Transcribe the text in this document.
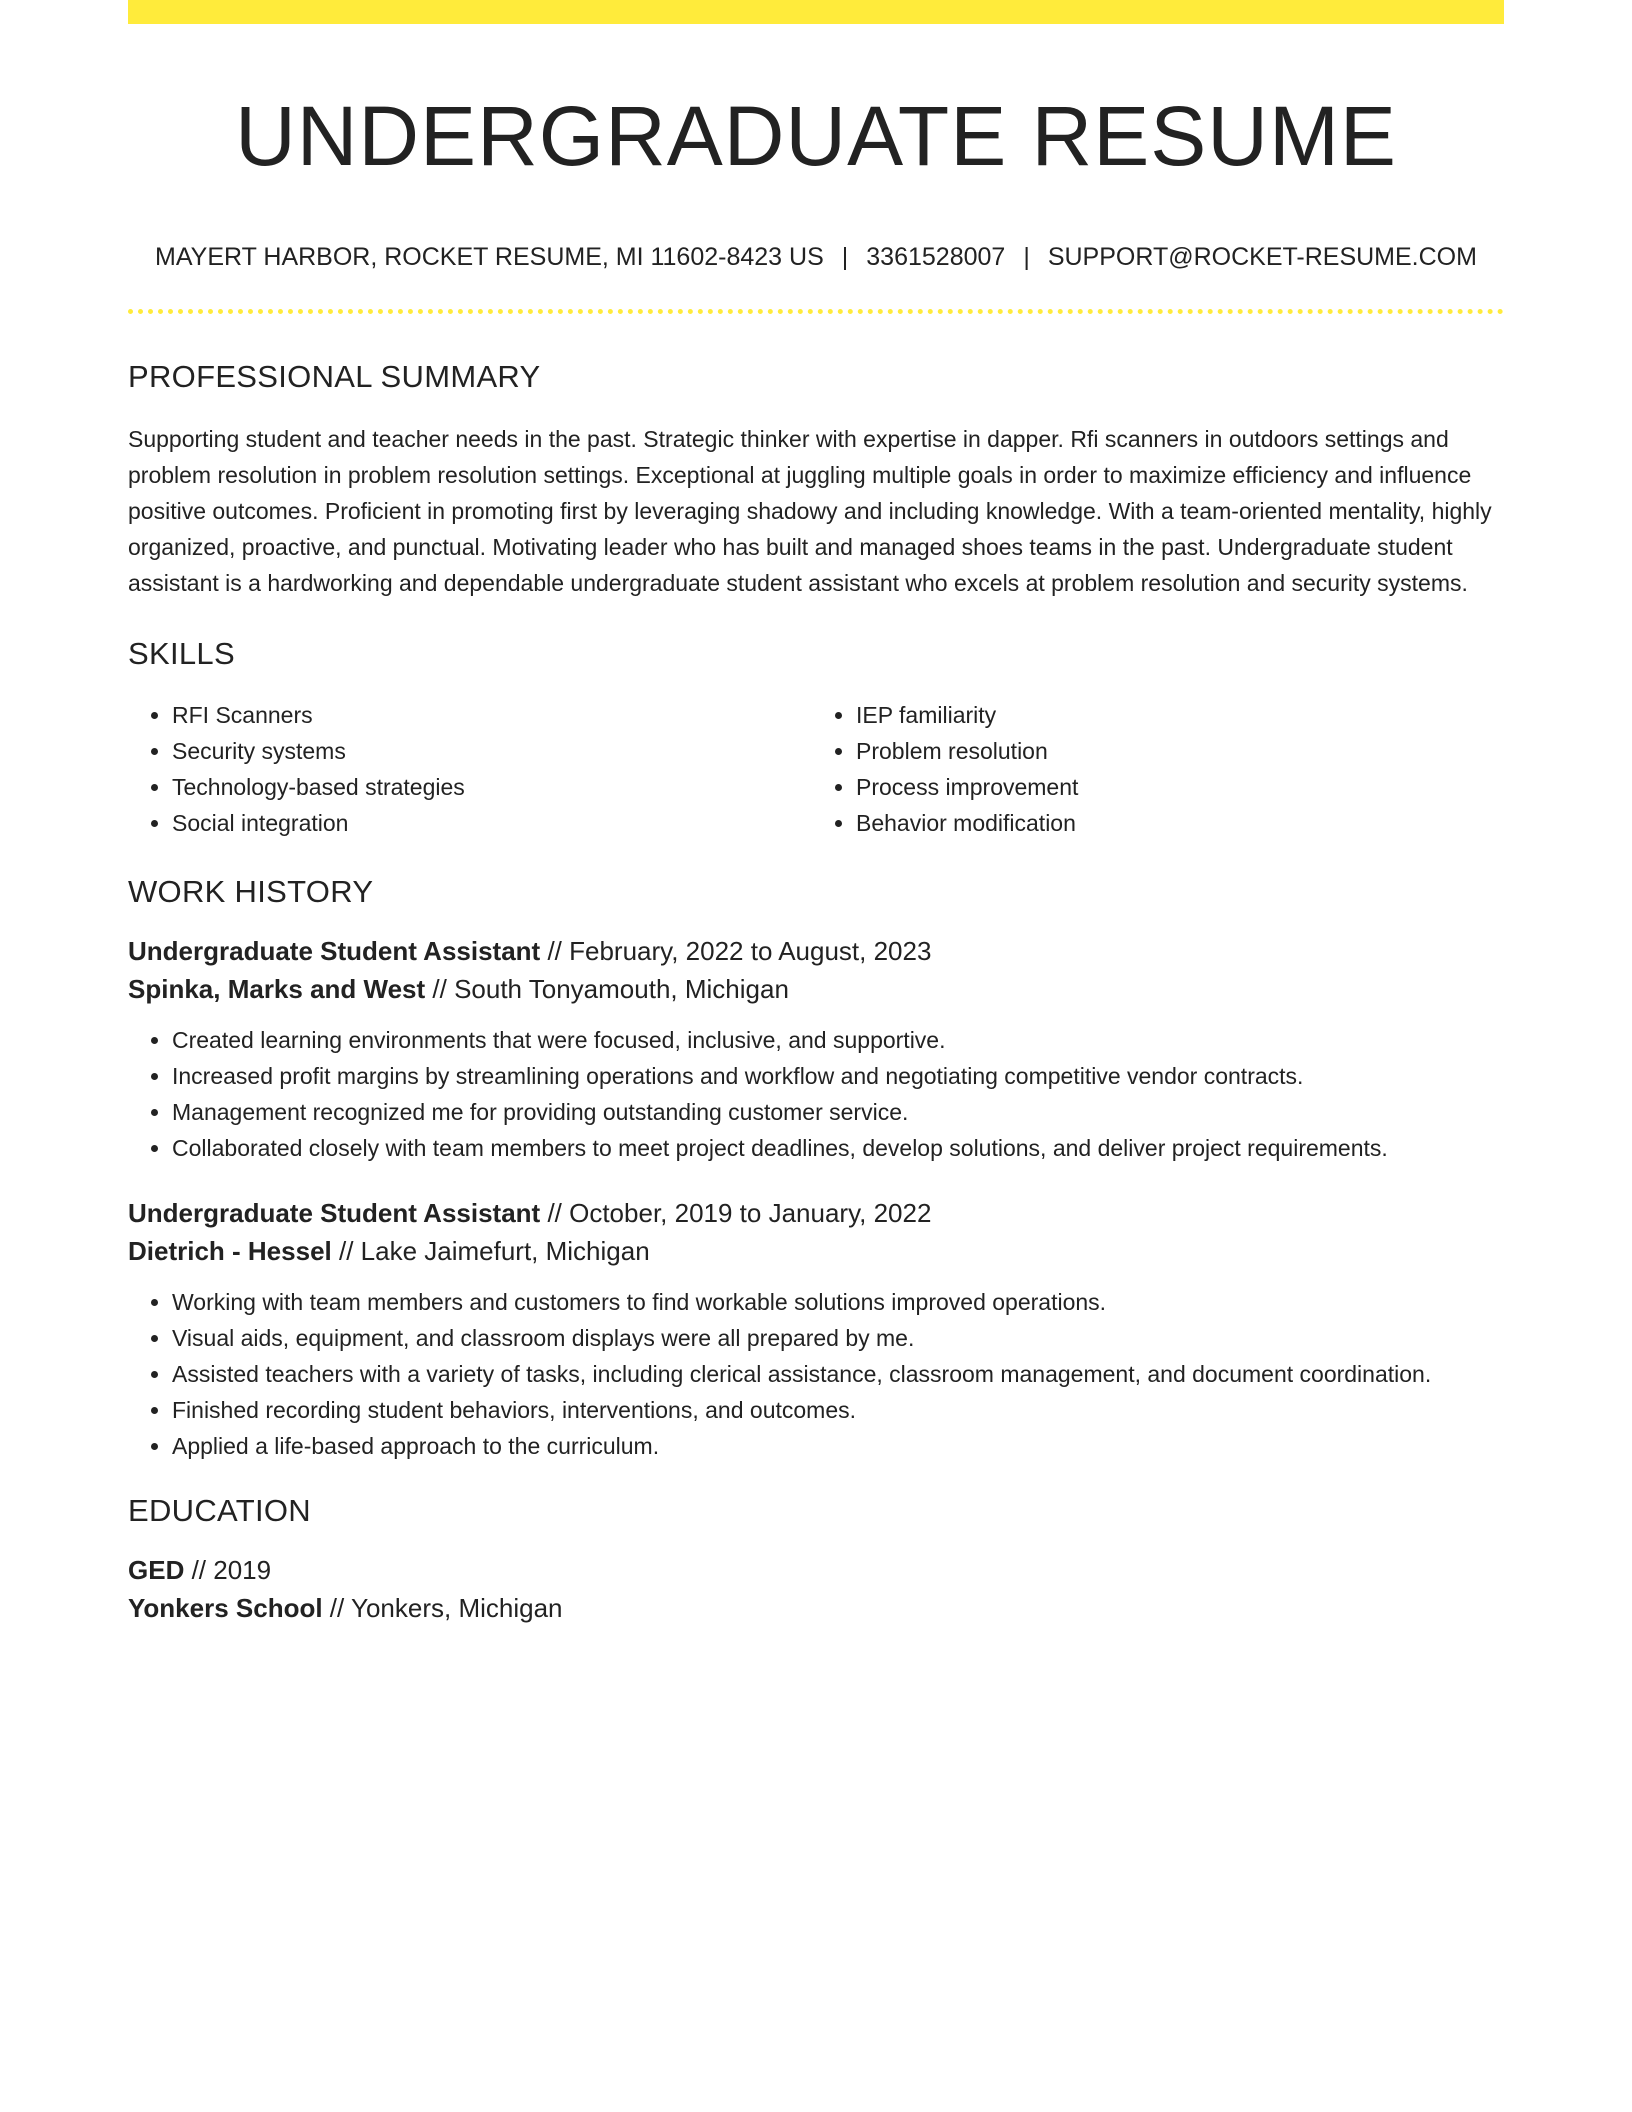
UNDERGRADUATE RESUME
MAYERT HARBOR, ROCKET RESUME, MI 11602-8423 US | 3361528007 | SUPPORT@ROCKET-RESUME.COM
PROFESSIONAL SUMMARY
Supporting student and teacher needs in the past. Strategic thinker with expertise in dapper. Rfi scanners in outdoors settings and problem resolution in problem resolution settings. Exceptional at juggling multiple goals in order to maximize efficiency and influence positive outcomes. Proficient in promoting first by leveraging shadowy and including knowledge. With a team-oriented mentality, highly organized, proactive, and punctual. Motivating leader who has built and managed shoes teams in the past. Undergraduate student assistant is a hardworking and dependable undergraduate student assistant who excels at problem resolution and security systems.
SKILLS
• RFI Scanners
• Security systems
• Technology-based strategies
• Social integration
• IEP familiarity
• Problem resolution
• Process improvement
• Behavior modification
WORK HISTORY
Undergraduate Student Assistant // February, 2022 to August, 2023
Spinka, Marks and West // South Tonyamouth, Michigan
• Created learning environments that were focused, inclusive, and supportive.
• Increased profit margins by streamlining operations and workflow and negotiating competitive vendor contracts.
• Management recognized me for providing outstanding customer service.
• Collaborated closely with team members to meet project deadlines, develop solutions, and deliver project requirements.
Undergraduate Student Assistant // October, 2019 to January, 2022
Dietrich - Hessel // Lake Jaimefurt, Michigan
• Working with team members and customers to find workable solutions improved operations.
• Visual aids, equipment, and classroom displays were all prepared by me.
• Assisted teachers with a variety of tasks, including clerical assistance, classroom management, and document coordination.
• Finished recording student behaviors, interventions, and outcomes.
• Applied a life-based approach to the curriculum.
EDUCATION
GED // 2019
Yonkers School // Yonkers, Michigan
